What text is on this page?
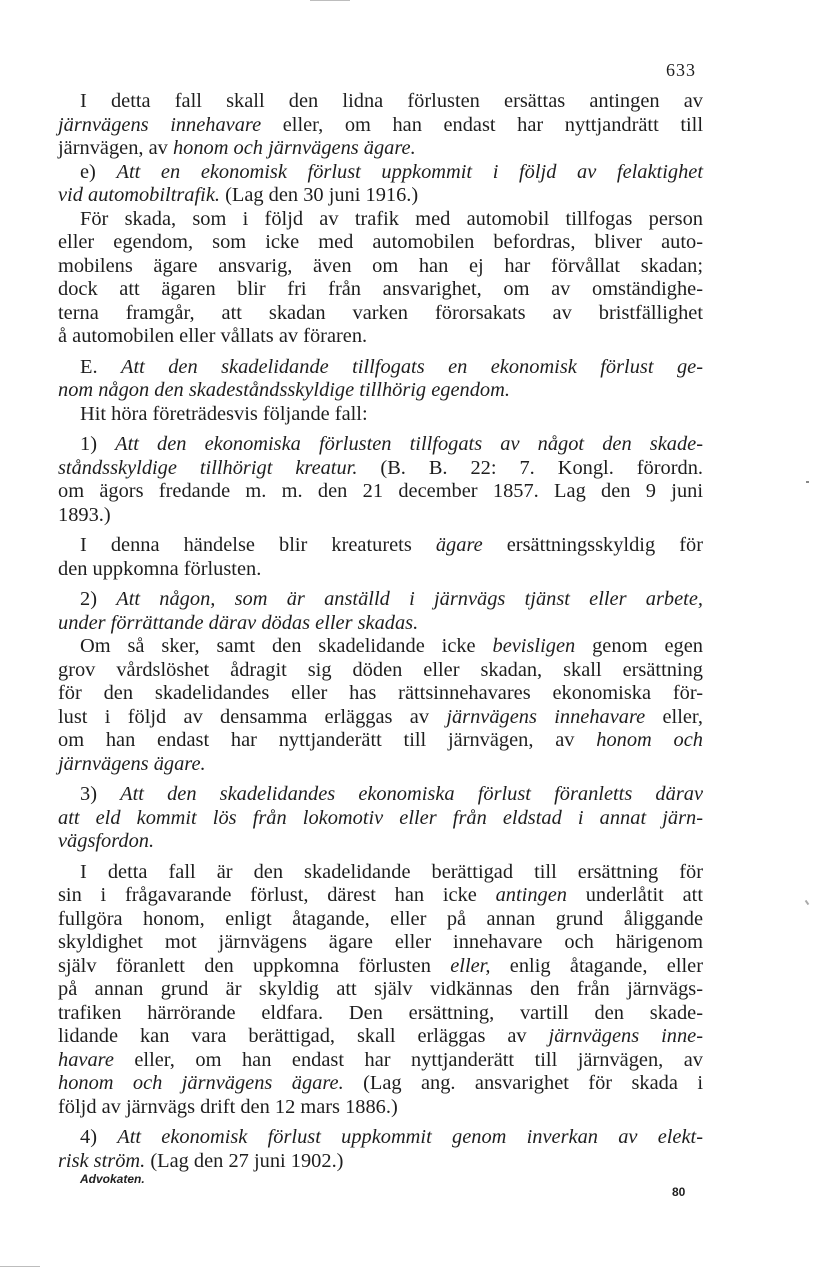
633
I detta fall skall den lidna förlusten ersättas antingen av
järnvägens innehavare eller, om han endast har nyttjandrätt till
järnvägen, av honom och järnvägens ägare.
e) Att en ekonomisk förlust uppkommit i följd av felaktighet
vid automobiltrafik. (Lag den 30 juni 1916.)
För skada, som i följd av trafik med automobil tillfogas person
eller egendom, som icke med automobilen befordras, bliver auto-
mobilens ägare ansvarig, även om han ej har förvållat skadan;
dock att ägaren blir fri från ansvarighet, om av omständighe-
terna framgår, att skadan varken förorsakats av bristfällighet
å automobilen eller vållats av föraren.
E. Att den skadelidande tillfogats en ekonomisk förlust ge-
nom någon den skadeståndsskyldige tillhörig egendom.
Hit höra företrädesvis följande fall:
1) Att den ekonomiska förlusten tillfogats av något den skade-
ståndsskyldige tillhörigt kreatur. (B. B. 22: 7. Kongl. förordn.
om ägors fredande m. m. den 21 december 1857. Lag den 9 juni
1893.)
I denna händelse blir kreaturets ägare ersättningsskyldig för
den uppkomna förlusten.
2) Att någon, som är anställd i järnvägs tjänst eller arbete,
under förrättande därav dödas eller skadas.
Om så sker, samt den skadelidande icke bevisligen genom egen
grov vårdslöshet ådragit sig döden eller skadan, skall ersättning
för den skadelidandes eller has rättsinnehavares ekonomiska för-
lust i följd av densamma erläggas av järnvägens innehavare eller,
om han endast har nyttjanderätt till järnvägen, av honom och
järnvägens ägare.
3) Att den skadelidandes ekonomiska förlust föranletts därav
att eld kommit lös från lokomotiv eller från eldstad i annat järn-
vägsfordon.
I detta fall är den skadelidande berättigad till ersättning för
sin i frågavarande förlust, därest han icke antingen underlåtit att
fullgöra honom, enligt åtagande, eller på annan grund åliggande
skyldighet mot järnvägens ägare eller innehavare och härigenom
själv föranlett den uppkomna förlusten eller, enlig åtagande, eller
på annan grund är skyldig att själv vidkännas den från järnvägs-
trafiken härrörande eldfara. Den ersättning, vartill den skade-
lidande kan vara berättigad, skall erläggas av järnvägens inne-
havare eller, om han endast har nyttjanderätt till järnvägen, av
honom och järnvägens ägare. (Lag ang. ansvarighet för skada i
följd av järnvägs drift den 12 mars 1886.)
4) Att ekonomisk förlust uppkommit genom inverkan av elekt-
risk ström. (Lag den 27 juni 1902.)
Advokaten.
80
